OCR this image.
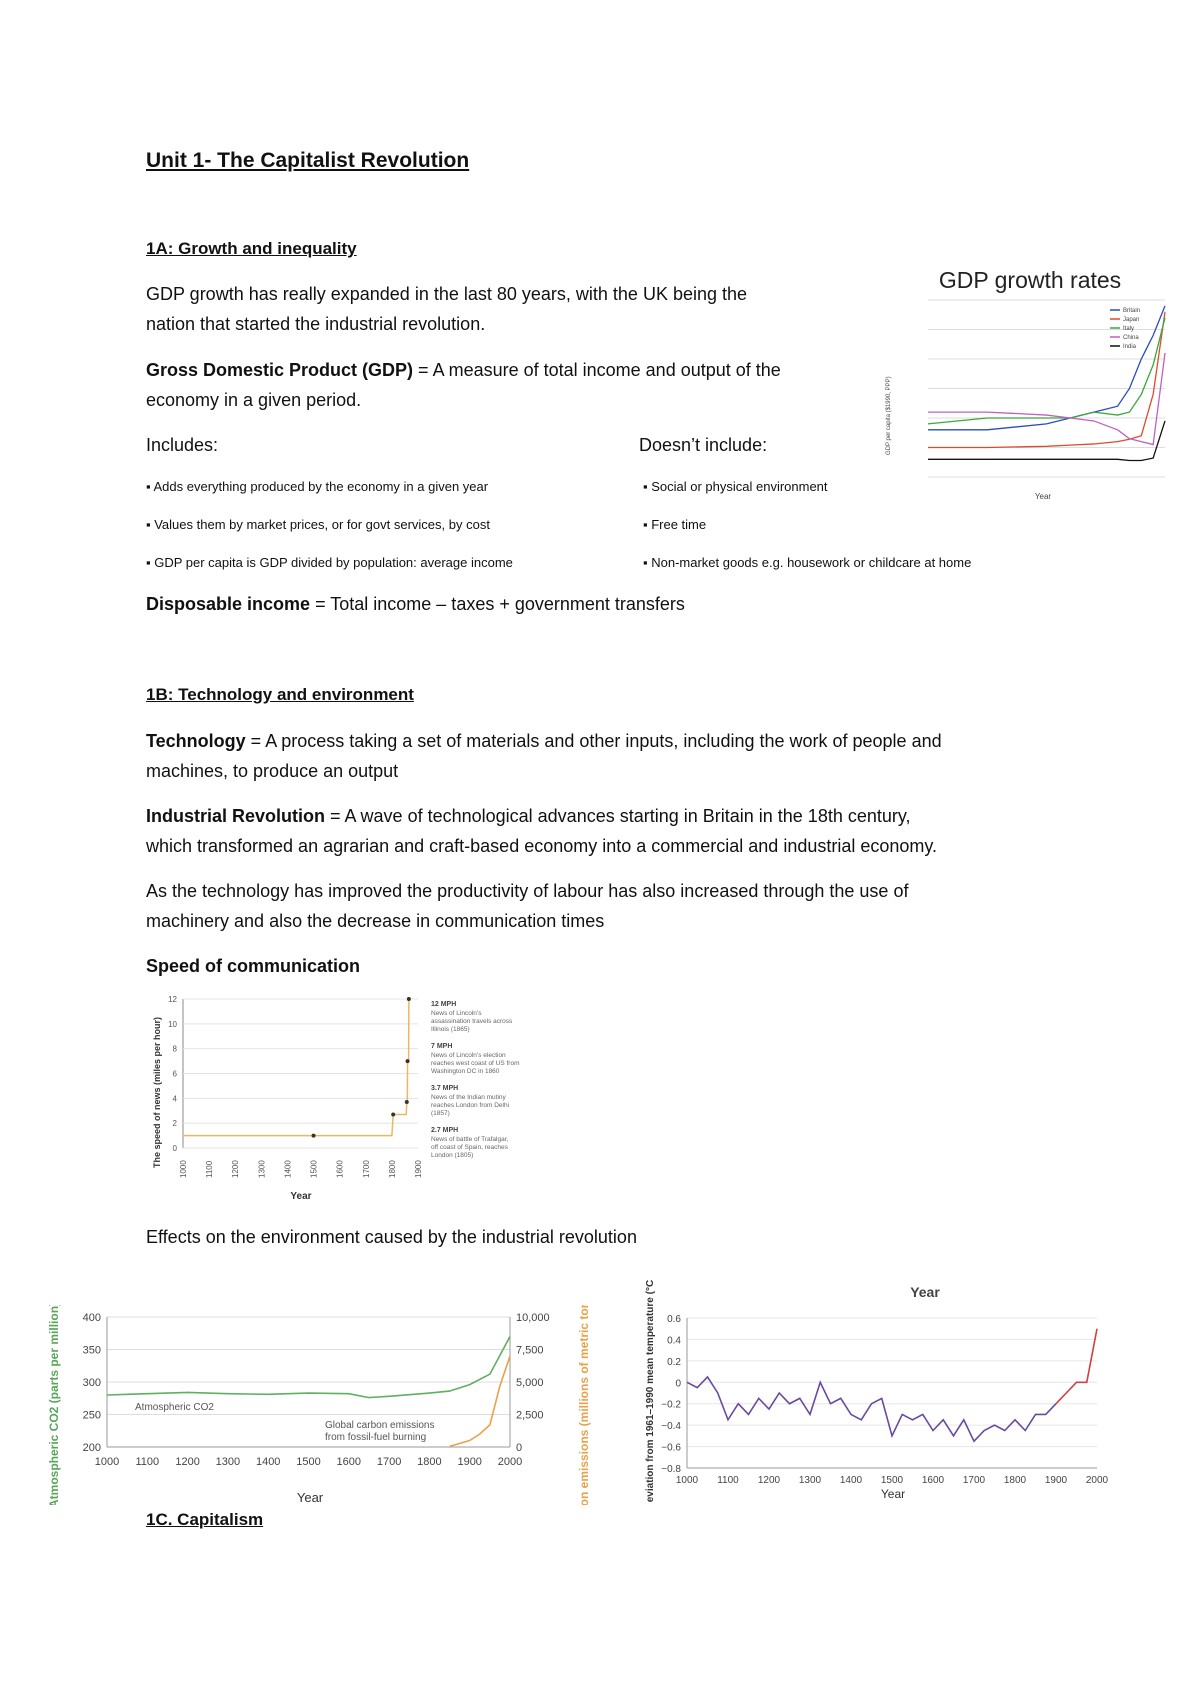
Unit 1- The Capitalist Revolution
1A: Growth and inequality
GDP growth has really expanded in the last 80 years, with the UK being the
nation that started the industrial revolution.
Gross Domestic Product (GDP) = A measure of total income and output of the
economy in a given period.
Includes:	Doesn’t include:
▪ Adds everything produced by the economy in a given year
▪ Values them by market prices, or for govt services, by cost
▪ GDP per capita is GDP divided by population: average income
▪ Social or physical environment
▪ Free time
▪ Non-market goods e.g. housework or childcare at home
Disposable income = Total income – taxes + government transfers
GDP growth rates
Year
GDP per capita ($1990, PPP)
Britain
Japan
Italy
China
India
1B: Technology and environment
Technology = A process taking a set of materials and other inputs, including the work of people and
machines, to produce an output
Industrial Revolution = A wave of technological advances starting in Britain in the 18th century,
which transformed an agrarian and craft-based economy into a commercial and industrial economy.
As the technology has improved the productivity of labour has also increased through the use of
machinery and also the decrease in communication times
Speed of communication
The speed of news (miles per hour)
Year
0
2
4
6
8
10
12
1000 1100 1200 1300 1400 1500 1600 1700 1800 1900
12 MPH
News of Lincoln’s
assassination travels across
Illinois (1865)
7 MPH
News of Lincoln’s election
reaches west coast of US from
Washington DC in 1860
3.7 MPH
News of the Indian mutiny
reaches London from Delhi
(1857)
2.7 MPH
News of battle of Trafalgar,
off coast of Spain, reaches
London (1805)
Effects on the environment caused by the industrial revolution
Atmospheric CO2 (parts per million)	Carbon emissions (millions of metric tonnes)
Year
200
250
300
350
400
0
2,500
5,000
7,500
10,000
1000 1100 1200 1300 1400 1500 1600 1700 1800 1900 2000
Atmospheric CO2
Global carbon emissions
from fossil-fuel burning
Year
Deviation from 1961–1990 mean temperature (°C)	Year
0.6
0.4
0.2
0
−0.2
−0.4
−0.6
−0.8
1000 1100 1200 1300 1400 1500 1600 1700 1800 1900 2000
1C. Capitalism
